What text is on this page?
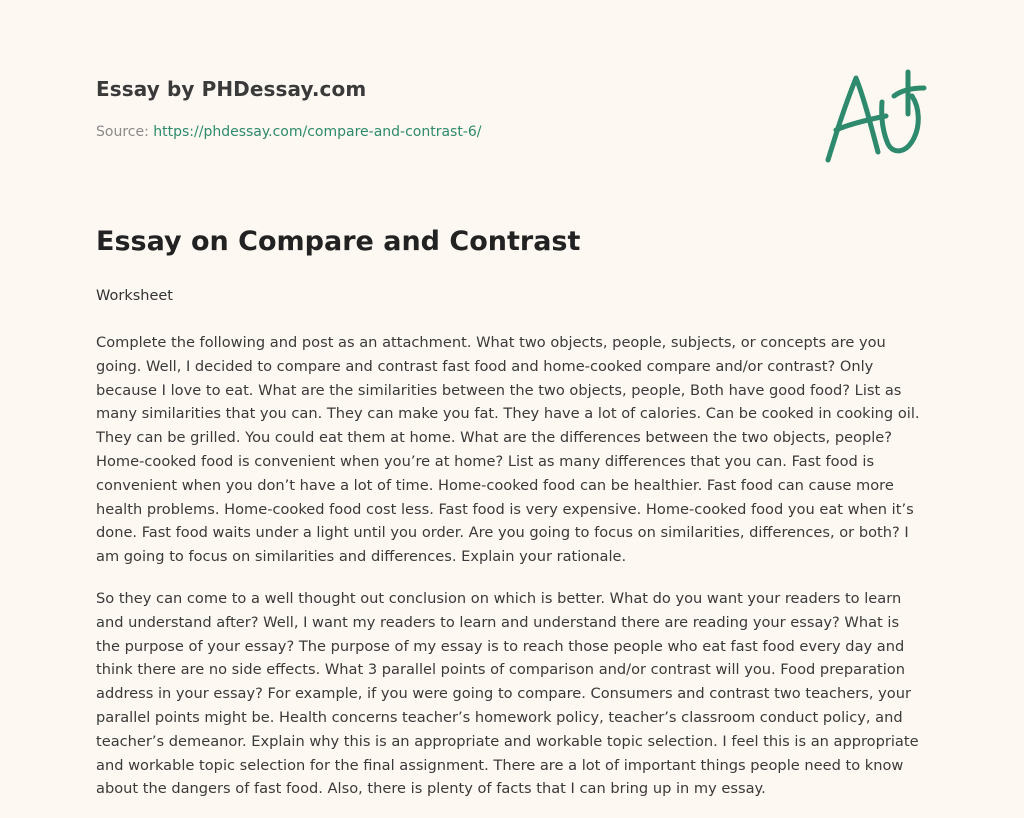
Essay by PHDessay.com
Source: https://phdessay.com/compare-and-contrast-6/
Essay on Compare and Contrast
Worksheet

Complete the following and post as an attachment. What two objects, people, subjects, or concepts are you going. Well, I decided to compare and contrast fast food and home-cooked compare and/or contrast? Only because I love to eat. What are the similarities between the two objects, people, Both have good food? List as many similarities that you can. They can make you fat. They have a lot of calories. Can be cooked in cooking oil. They can be grilled. You could eat them at home. What are the differences between the two objects, people? Home-cooked food is convenient when you’re at home? List as many differences that you can. Fast food is convenient when you don’t have a lot of time. Home-cooked food can be healthier. Fast food can cause more health problems. Home-cooked food cost less. Fast food is very expensive. Home-cooked food you eat when it’s done. Fast food waits under a light until you order. Are you going to focus on similarities, differences, or both? I am going to focus on similarities and differences. Explain your rationale.

So they can come to a well thought out conclusion on which is better. What do you want your readers to learn and understand after? Well, I want my readers to learn and understand there are reading your essay? What is the purpose of your essay? The purpose of my essay is to reach those people who eat fast food every day and think there are no side effects. What 3 parallel points of comparison and/or contrast will you. Food preparation address in your essay? For example, if you were going to compare. Consumers and contrast two teachers, your parallel points might be. Health concerns teacher’s homework policy, teacher’s classroom conduct policy, and teacher’s demeanor. Explain why this is an appropriate and workable topic selection. I feel this is an appropriate and workable topic selection for the final assignment. There are a lot of important things people need to know about the dangers of fast food. Also, there is plenty of facts that I can bring up in my essay.
